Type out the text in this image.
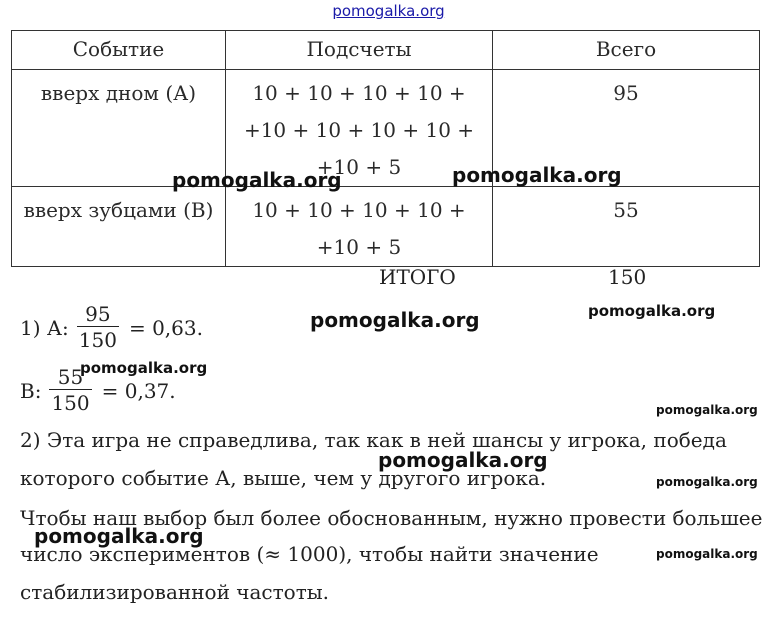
pomogalka.org
Событие	Подсчеты	Всего

вверх дном (А)	10 + 10 + 10 + 10 +
+10 + 10 + 10 + 10 +
+10 + 5	95

вверх зубцами (В)	10 + 10 + 10 + 10 +
+10 + 5	55
ИТОГО	150
1) А: $\frac{95}{150} = 0,63$.
В: $\frac{55}{150} = 0,37$.
2) Эта игра не справедлива, так как в ней шансы у игрока, победа
которого событие А, выше, чем у другого игрока.
Чтобы наш выбор был более обоснованным, нужно провести большее
число экспериментов (≈ 1000), чтобы найти значение
стабилизированной частоты.
pomogalka.org	pomogalka.org
pomogalka.org	pomogalka.org
pomogalka.org
pomogalka.org
pomogalka.org
pomogalka.org
pomogalka.org
pomogalka.org
